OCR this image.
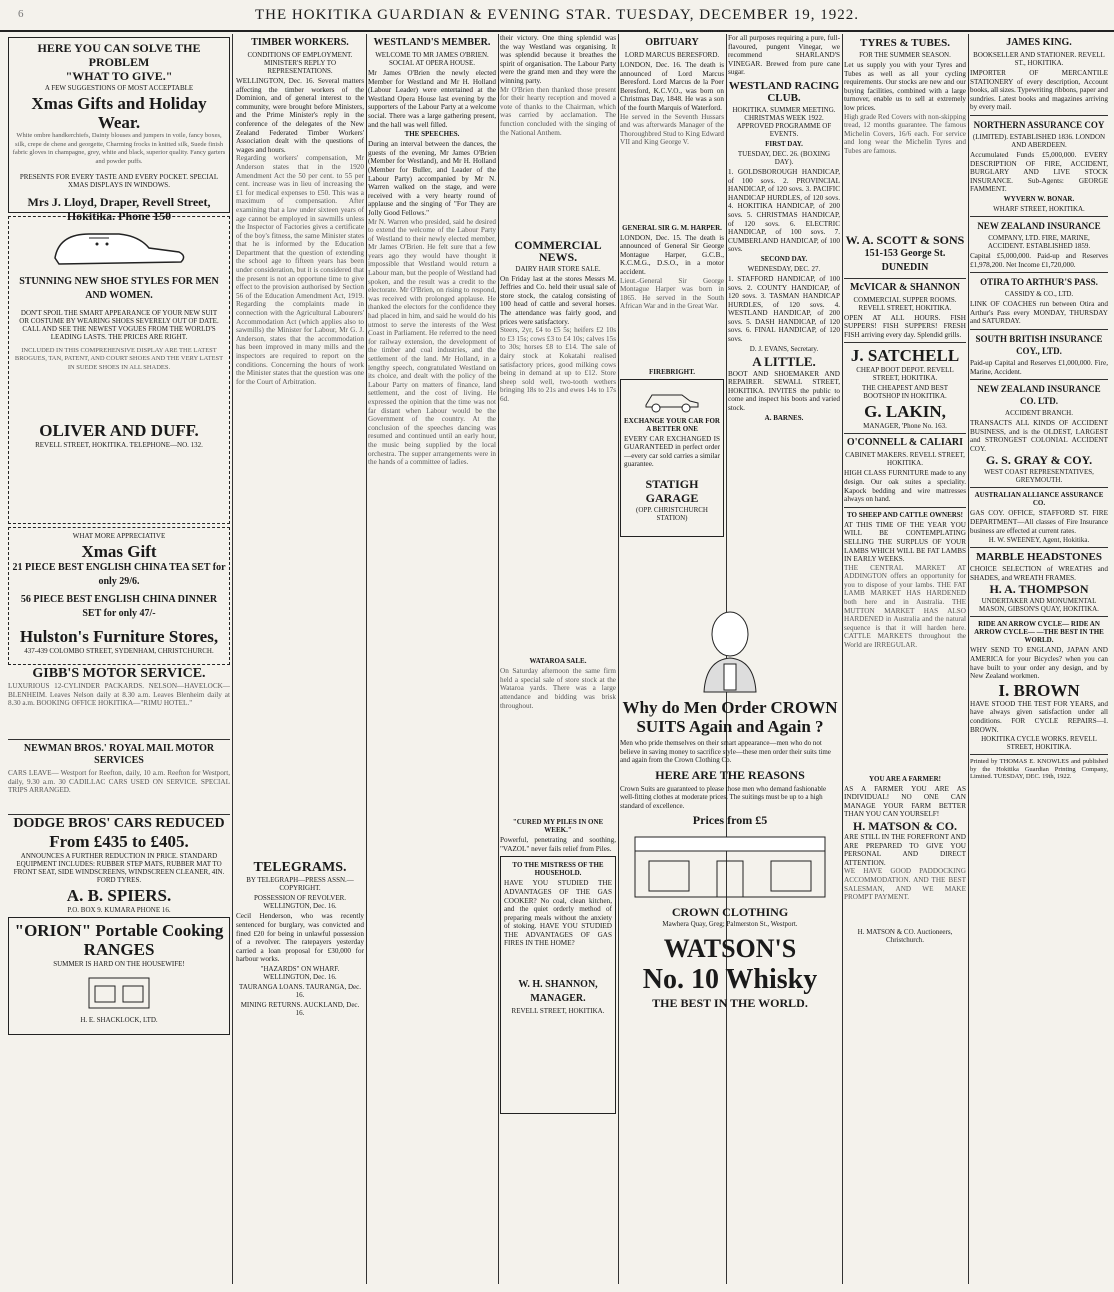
6	THE HOKITIKA GUARDIAN & EVENING STAR. TUESDAY, DECEMBER 19, 1922.
HERE YOU CAN SOLVE THE PROBLEM
"WHAT TO GIVE."
A FEW SUGGESTIONS OF MOST ACCEPTABLE
Xmas Gifts and Holiday Wear.
White ombre handkerchiefs, Dainty blouses and jumpers in voile, fancy boxes, silk, crepe de chene and georgette, Charming frocks in knitted silk, Suede finish fabric gloves in champagne, grey, white and black, superior quality. Fancy garters and powder puffs.
PRESENTS FOR EVERY TASTE AND EVERY POCKET. SPECIAL XMAS DISPLAYS IN WINDOWS.
Mrs J. Lloyd, Draper, Revell Street, Hokitika. Phone 150
STUNNING NEW SHOE STYLES FOR MEN AND WOMEN.
DON'T SPOIL THE SMART APPEARANCE OF YOUR NEW SUIT OR COSTUME BY WEARING SHOES SEVERELY OUT OF DATE. CALL AND SEE THE NEWEST VOGUES FROM THE WORLD'S LEADING LASTS. THE PRICES ARE RIGHT.
INCLUDED IN THIS COMPREHENSIVE DISPLAY ARE THE LATEST BROGUES, TAN, PATENT, AND COURT SHOES AND THE VERY LATEST IN SUEDE SHOES IN ALL SHADES.
OLIVER AND DUFF.
REVELL STREET, HOKITIKA. TELEPHONE—NO. 132.
WHAT MORE APPRECIATIVE
Xmas Gift
21 PIECE BEST ENGLISH CHINA TEA SET for only 29/6.
56 PIECE BEST ENGLISH CHINA DINNER SET for only 47/-
Hulston's Furniture Stores,
437-439 COLOMBO STREET, SYDENHAM, CHRISTCHURCH.
GIBB'S MOTOR SERVICE.
LUXURIOUS 12-CYLINDER PACKARDS. NELSON—HAVELOCK—BLENHEIM. Leaves Nelson daily at 8.30 a.m. Leaves Blenheim daily at 8.30 a.m. BOOKING OFFICE HOKITIKA—"RIMU HOTEL."
NEWMAN BROS.' ROYAL MAIL MOTOR SERVICES
CARS LEAVE— Westport for Reefton, daily, 10 a.m. Reefton for Westport, daily, 9.30 a.m. 30 CADILLAC CARS USED ON SERVICE. SPECIAL TRIPS ARRANGED.
DODGE BROS' CARS REDUCED
From £435 to £405.
ANNOUNCES A FURTHER REDUCTION IN PRICE. STANDARD EQUIPMENT INCLUDES: RUBBER STEP MATS, RUBBER MAT TO FRONT SEAT, SIDE WINDSCREENS, WINDSCREEN CLEANER, 4IN. FORD TYRES.
A. B. SPIERS.
P.O. BOX 9. KUMARA PHONE 16.
"ORION" Portable Cooking RANGES
SUMMER IS HARD ON THE HOUSEWIFE!
H. E. SHACKLOCK, LTD.
TIMBER WORKERS.
CONDITIONS OF EMPLOYMENT. MINISTER'S REPLY TO REPRESENTATIONS.
WELLINGTON, Dec. 16. Several matters affecting the timber workers of the Dominion, and of general interest to the community, were brought before Ministers, and the Prime Minister's reply in the conference of the delegates of the New Zealand Federated Timber Workers' Association dealt with the questions of wages and hours.
Regarding workers' compensation, Mr Anderson states that in the 1920 Amendment Act the 50 per cent. to 55 per cent. increase was in lieu of increasing the £1 for medical expenses to £50. This was a maximum of compensation. After examining that a law under sixteen years of age cannot be employed in sawmills unless the Inspector of Factories gives a certificate of the boy's fitness, the same Minister states that he is informed by the Education Department that the question of extending the school age to fifteen years has been under consideration, but it is considered that the present is not an opportune time to give effect to the provision authorised by Section 56 of the Education Amendment Act, 1919. Regarding the complaints made in connection with the Agricultural Labourers' Accommodation Act (which applies also to sawmills) the Minister for Labour, Mr G. J. Anderson, states that the accommodation has been improved in many mills and the inspectors are required to report on the conditions. Concerning the hours of work the Minister states that the question was one for the Court of Arbitration.
TELEGRAMS.
BY TELEGRAPH—PRESS ASSN.—COPYRIGHT.
POSSESSION OF REVOLVER. WELLINGTON, Dec. 16.
Cecil Henderson, who was recently sentenced for burglary, was convicted and fined £20 for being in unlawful possession of a revolver. The ratepayers yesterday carried a loan proposal for £30,000 for harbour works.
"HAZARDS" ON WHARF. WELLINGTON, Dec. 16.
TAURANGA LOANS. TAURANGA, Dec. 16.
MINING RETURNS. AUCKLAND, Dec. 16.
WESTLAND'S MEMBER.
WELCOME TO MR JAMES O'BRIEN. SOCIAL AT OPERA HOUSE.
Mr James O'Brien the newly elected Member for Westland and Mr H. Holland (Labour Leader) were entertained at the Westland Opera House last evening by the supporters of the Labour Party at a welcome social. There was a large gathering present, and the hall was well filled.
THE SPEECHES.
During an interval between the dances, the guests of the evening, Mr James O'Brien (Member for Westland), and Mr H. Holland (Member for Buller, and Leader of the Labour Party) accompanied by Mr N. Warren walked on the stage, and were received with a very hearty round of applause and the singing of "For They are Jolly Good Fellows."
Mr N. Warren who presided, said he desired to extend the welcome of the Labour Party of Westland to their newly elected member, Mr James O'Brien. He felt sure that a few years ago they would have thought it impossible that Westland would return a Labour man, but the people of Westland had spoken, and the result was a credit to the electorate. Mr O'Brien, on rising to respond, was received with prolonged applause. He thanked the electors for the confidence they had placed in him, and said he would do his utmost to serve the interests of the West Coast in Parliament. He referred to the need for railway extension, the development of the timber and coal industries, and the settlement of the land. Mr Holland, in a lengthy speech, congratulated Westland on its choice, and dealt with the policy of the Labour Party on matters of finance, land settlement, and the cost of living. He expressed the opinion that the time was not far distant when Labour would be the Government of the country. At the conclusion of the speeches dancing was resumed and continued until an early hour, the music being supplied by the local orchestra. The supper arrangements were in the hands of a committee of ladies.
their victory. One thing splendid was the way Westland was organising. It was splendid because it breathes the spirit of organisation. The Labour Party were the grand men and they were the winning party.
Mr O'Brien then thanked those present for their hearty reception and moved a vote of thanks to the Chairman, which was carried by acclamation. The function concluded with the singing of the National Anthem.
COMMERCIAL NEWS.
DAIRY HAIR STORE SALE.
On Friday last at the stores Messrs M. Jeffries and Co. held their usual sale of store stock, the catalog consisting of 100 head of cattle and several horses. The attendance was fairly good, and prices were satisfactory.
Steers, 2yr, £4 to £5 5s; heifers £2 10s to £3 15s; cows £3 to £4 10s; calves 15s to 30s; horses £8 to £14. The sale of dairy stock at Kokatahi realised satisfactory prices, good milking cows being in demand at up to £12. Store sheep sold well, two-tooth wethers bringing 18s to 21s and ewes 14s to 17s 6d.
WATAROA SALE.
On Saturday afternoon the same firm held a special sale of store stock at the Wataroa yards. There was a large attendance and bidding was brisk throughout.
"CURED MY PILES IN ONE WEEK."
Powerful, penetrating and soothing, "VAZOL" never fails relief from Piles.
TO THE MISTRESS OF THE HOUSEHOLD.
HAVE YOU STUDIED THE ADVANTAGES OF THE GAS COOKER? No coal, clean kitchen, and the quiet orderly method of preparing meals without the anxiety of stoking. HAVE YOU STUDIED THE ADVANTAGES OF GAS FIRES IN THE HOME?
W. H. SHANNON, MANAGER.
REVELL STREET, HOKITIKA.
OBITUARY
LORD MARCUS BERESFORD.
LONDON, Dec. 16. The death is announced of Lord Marcus Beresford. Lord Marcus de la Poer Beresford, K.C.V.O., was born on Christmas Day, 1848. He was a son of the fourth Marquis of Waterford.
He served in the Seventh Hussars and was afterwards Manager of the Thoroughbred Stud to King Edward VII and King George V.
GENERAL SIR G. M. HARPER.
LONDON, Dec. 15. The death is announced of General Sir George Montague Harper, G.C.B., K.C.M.G., D.S.O., in a motor accident.
Lieut.-General Sir George Montague Harper was born in 1865. He served in the South African War and in the Great War.
FIREBRIGHT.
EXCHANGE YOUR CAR FOR A BETTER ONE
EVERY CAR EXCHANGED IS GUARANTEED in perfect order—every car sold carries a similar guarantee.
STATIGH GARAGE
(OPP. CHRISTCHURCH STATION)
For all purposes requiring a pure, full-flavoured, pungent Vinegar, we recommend SHARLAND'S VINEGAR. Brewed from pure cane sugar.
WESTLAND RACING CLUB.
HOKITIKA. SUMMER MEETING. CHRISTMAS WEEK 1922. APPROVED PROGRAMME OF EVENTS.
FIRST DAY.
TUESDAY, DEC. 26. (BOXING DAY).
1. GOLDSBOROUGH HANDICAP, of 100 sovs. 2. PROVINCIAL HANDICAP, of 120 sovs. 3. PACIFIC HANDICAP HURDLES, of 120 sovs. 4. HOKITIKA HANDICAP, of 200 sovs. 5. CHRISTMAS HANDICAP, of 120 sovs. 6. ELECTRIC HANDICAP, of 100 sovs. 7. CUMBERLAND HANDICAP, of 100 sovs.
SECOND DAY.
WEDNESDAY, DEC. 27.
1. STAFFORD HANDICAP, of 100 sovs. 2. COUNTY HANDICAP, of 120 sovs. 3. TASMAN HANDICAP HURDLES, of 120 sovs. 4. WESTLAND HANDICAP, of 200 sovs. 5. DASH HANDICAP, of 120 sovs. 6. FINAL HANDICAP, of 120 sovs.
D. J. EVANS, Secretary.
A LITTLE.
BOOT AND SHOEMAKER AND REPAIRER. SEWALL STREET, HOKITIKA. INVITES the public to come and inspect his boots and varied stock.
A. BARNES.
Why do Men Order CROWN SUITS Again and Again ?
Men who pride themselves on their smart appearance—men who do not believe in saving money to sacrifice style—these men order their suits time and again from the Crown Clothing Co.
HERE ARE THE REASONS
Crown Suits are guaranteed to please those men who demand fashionable well-fitting clothes at moderate prices. The suitings must be up to a high standard of excellence.
Prices from £5
CROWN CLOTHING
Mawhera Quay, Greg; Palmerston St., Westport.
WATSON'S
No. 10 Whisky
THE BEST IN THE WORLD.
TYRES & TUBES.
FOR THE SUMMER SEASON.
Let us supply you with your Tyres and Tubes as well as all your cycling requirements. Our stocks are new and our buying facilities, combined with a large turnover, enable us to sell at extremely low prices.
High grade Red Covers with non-skipping tread, 12 months guarantee. The famous Michelin Covers, 16/6 each. For service and long wear the Michelin Tyres and Tubes are famous.
W. A. SCOTT & SONS
151-153 George St. DUNEDIN
McVICAR & SHANNON
COMMERCIAL SUPPER ROOMS. REVELL STREET, HOKITIKA.
OPEN AT ALL HOURS. FISH SUPPERS! FISH SUPPERS! FRESH FISH arriving every day. Splendid grills.
J. SATCHELL
CHEAP BOOT DEPOT. REVELL STREET, HOKITIKA.
THE CHEAPEST AND BEST BOOTSHOP IN HOKITIKA.
G. LAKIN,
MANAGER, 'Phone No. 163.
O'CONNELL & CALIARI
CABINET MAKERS. REVELL STREET, HOKITIKA.
HIGH CLASS FURNITURE made to any design. Our oak suites a speciality. Kapock bedding and wire mattresses always on hand.
TO SHEEP AND CATTLE OWNERS!
AT THIS TIME OF THE YEAR YOU WILL BE CONTEMPLATING SELLING THE SURPLUS OF YOUR LAMBS WHICH WILL BE FAT LAMBS IN EARLY WEEKS.
THE CENTRAL MARKET AT ADDINGTON offers an opportunity for you to dispose of your lambs. THE FAT LAMB MARKET HAS HARDENED both here and in Australia. THE MUTTON MARKET HAS ALSO HARDENED in Australia and the natural sequence is that it will harden here. CATTLE MARKETS throughout the World are IRREGULAR.
YOU ARE A FARMER!
AS A FARMER YOU ARE AS INDIVIDUAL! NO ONE CAN MANAGE YOUR FARM BETTER THAN YOU CAN YOURSELF!
H. MATSON & CO.
ARE STILL IN THE FOREFRONT AND ARE PREPARED TO GIVE YOU PERSONAL AND DIRECT ATTENTION.
WE HAVE GOOD PADDOCKING ACCOMMODATION. AND THE BEST SALESMAN, AND WE MAKE PROMPT PAYMENT.
H. MATSON & CO. Auctioneers, Christchurch.
JAMES KING.
BOOKSELLER AND STATIONER. REVELL ST., HOKITIKA.
IMPORTER OF MERCANTILE STATIONERY of every description, Account books, all sizes. Typewriting ribbons, paper and sundries. Latest books and magazines arriving by every mail.
NORTHERN ASSURANCE COY
(LIMITED). ESTABLISHED 1836. LONDON AND ABERDEEN.
Accumulated Funds £5,000,000. EVERY DESCRIPTION OF FIRE, ACCIDENT, BURGLARY AND LIVE STOCK INSURANCE. Sub-Agents: GEORGE FAMMENT.
WYVERN W. BONAR.
WHARF STREET, HOKITIKA.
NEW ZEALAND INSURANCE
COMPANY, LTD. FIRE, MARINE, ACCIDENT. ESTABLISHED 1859.
Capital £5,000,000. Paid-up and Reserves £1,978,200. Net Income £1,720,000.
OTIRA TO ARTHUR'S PASS.
CASSIDY & CO., LTD.
LINK OF COACHES run between Otira and Arthur's Pass every MONDAY, THURSDAY and SATURDAY.
SOUTH BRITISH INSURANCE COY., LTD.
Paid-up Capital and Reserves £1,000,000. Fire, Marine, Accident.
NEW ZEALAND INSURANCE CO. LTD.
ACCIDENT BRANCH.
TRANSACTS ALL KINDS OF ACCIDENT BUSINESS, and is the OLDEST, LARGEST and STRONGEST COLONIAL ACCIDENT COY.
G. S. GRAY & COY.
WEST COAST REPRESENTATIVES, GREYMOUTH.
AUSTRALIAN ALLIANCE ASSURANCE CO.
GAS COY. OFFICE, STAFFORD ST. FIRE DEPARTMENT—All classes of Fire Insurance business are effected at current rates.
H. W. SWEENEY, Agent, Hokitika.
MARBLE HEADSTONES
CHOICE SELECTION of WREATHS and SHADES, and WREATH FRAMES.
H. A. THOMPSON
UNDERTAKER AND MONUMENTAL MASON, GIBSON'S QUAY, HOKITIKA.
RIDE AN ARROW CYCLE— RIDE AN ARROW CYCLE— —THE BEST IN THE WORLD.
WHY SEND TO ENGLAND, JAPAN AND AMERICA for your Bicycles? when you can have built to your order any design, and by New Zealand workmen.
I. BROWN
HAVE STOOD THE TEST FOR YEARS, and have always given satisfaction under all conditions. FOR CYCLE REPAIRS—I. BROWN.
HOKITIKA CYCLE WORKS. REVELL STREET, HOKITIKA.
Printed by THOMAS E. KNOWLES and published by the Hokitika Guardian Printing Company, Limited. TUESDAY, DEC. 19th, 1922.
